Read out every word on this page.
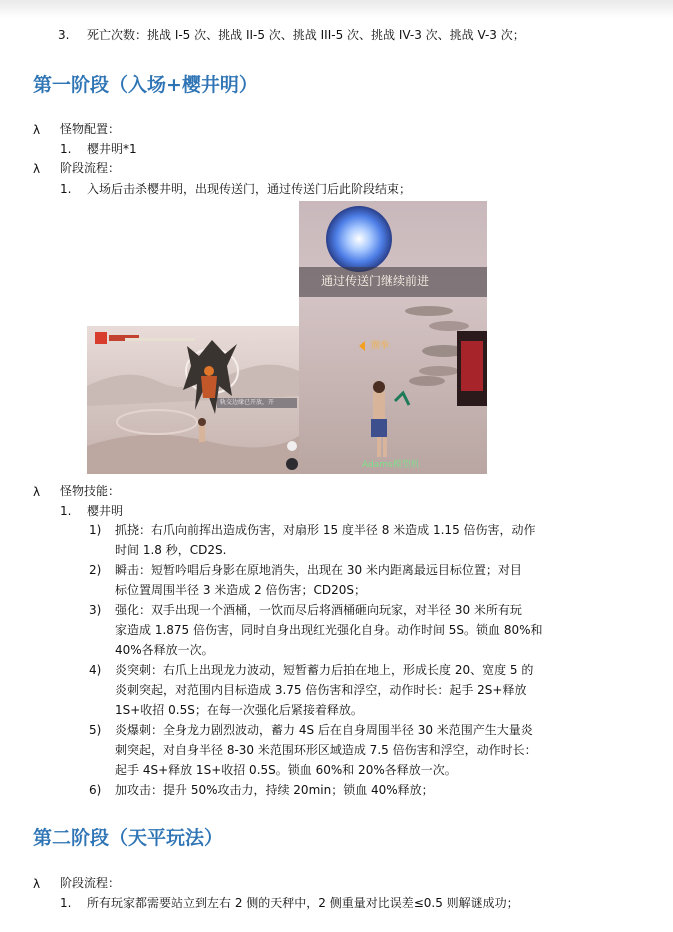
3. 死亡次数：挑战 I-5 次、挑战 II-5 次、挑战 III-5 次、挑战 IV-3 次、挑战 V-3 次；
第一阶段（入场+樱井明）
λ 怪物配置：
1. 樱井明*1
λ 阶段流程：
1. 入场后击杀樱井明，出现传送门，通过传送门后此阶段结束；
轨交边缘已开放，开
通过传送门继续前进
圈拳
Adams模型机
λ 怪物技能：
1. 樱井明
1) 抓挠：右爪向前挥出造成伤害，对扇形 15 度半径 8 米造成 1.15 倍伤害，动作
时间 1.8 秒，CD2S.
2) 瞬击：短暂吟唱后身影在原地消失，出现在 30 米内距离最远目标位置；对目
标位置周围半径 3 米造成 2 倍伤害；CD20S；
3) 强化：双手出现一个酒桶，一饮而尽后将酒桶砸向玩家，对半径 30 米所有玩
家造成 1.875 倍伤害，同时自身出现红光强化自身。动作时间 5S。锁血 80%和
40%各释放一次。
4) 炎突刺：右爪上出现龙力波动，短暂蓄力后拍在地上，形成长度 20、宽度 5 的
炎刺突起，对范围内目标造成 3.75 倍伤害和浮空，动作时长：起手 2S+释放
1S+收招 0.5S；在每一次强化后紧接着释放。
5) 炎爆刺：全身龙力剧烈波动，蓄力 4S 后在自身周围半径 30 米范围产生大量炎
刺突起，对自身半径 8-30 米范围环形区域造成 7.5 倍伤害和浮空，动作时长：
起手 4S+释放 1S+收招 0.5S。锁血 60%和 20%各释放一次。
6) 加攻击：提升 50%攻击力，持续 20min；锁血 40%释放；
第二阶段（天平玩法）
λ 阶段流程：
1. 所有玩家都需要站立到左右 2 侧的天秤中，2 侧重量对比误差≤0.5 则解谜成功；
